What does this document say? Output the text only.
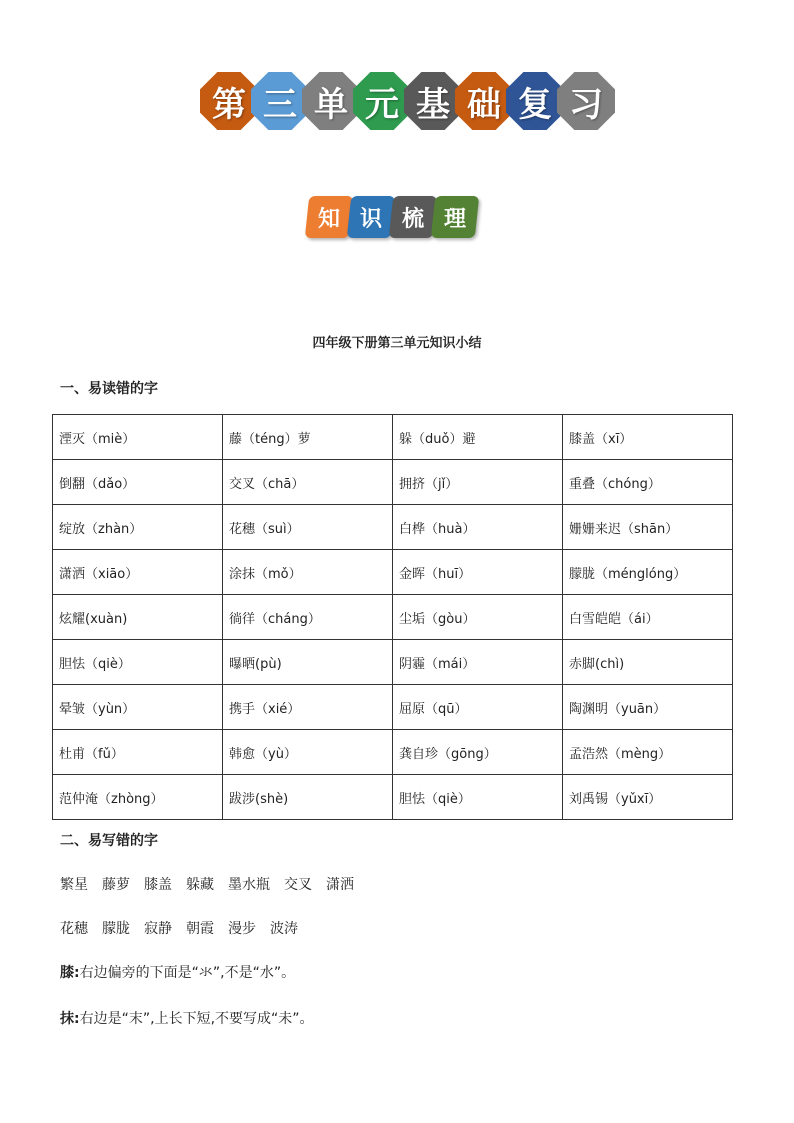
第 三 单 元 基 础 复 习
知 识 梳 理
四年级下册第三单元知识小结
一、易读错的字
湮灭（miè）	藤（téng）萝	躲（duǒ）避	膝盖（xī）
倒翻（dǎo）	交叉（chā）	拥挤（jǐ）	重叠（chóng）
绽放（zhàn）	花穗（suì）	白桦（huà）	姗姗来迟（shān）
潇洒（xiāo）	涂抹（mǒ）	金晖（huī）	朦胧（ménglóng）
炫耀(xuàn)	徜徉（cháng）	尘垢（gòu）	白雪皑皑（ái）
胆怯（qiè）	曝晒(pù)	阴霾（mái）	赤脚(chì)
晕皱（yùn）	携手（xié）	屈原（qū）	陶渊明（yuān）
杜甫（fǔ）	韩愈（yù）	龚自珍（gōng）	孟浩然（mèng）
范仲淹（zhòng）	跋涉(shè)	胆怯（qiè）	刘禹锡（yǔxī）
二、易写错的字
繁星 藤萝 膝盖 躲藏 墨水瓶 交叉 潇洒
花穗 朦胧 寂静 朝霞 漫步 波涛
膝:右边偏旁的下面是“氺”,不是“水”。
抹:右边是“末”,上长下短,不要写成“未”。
